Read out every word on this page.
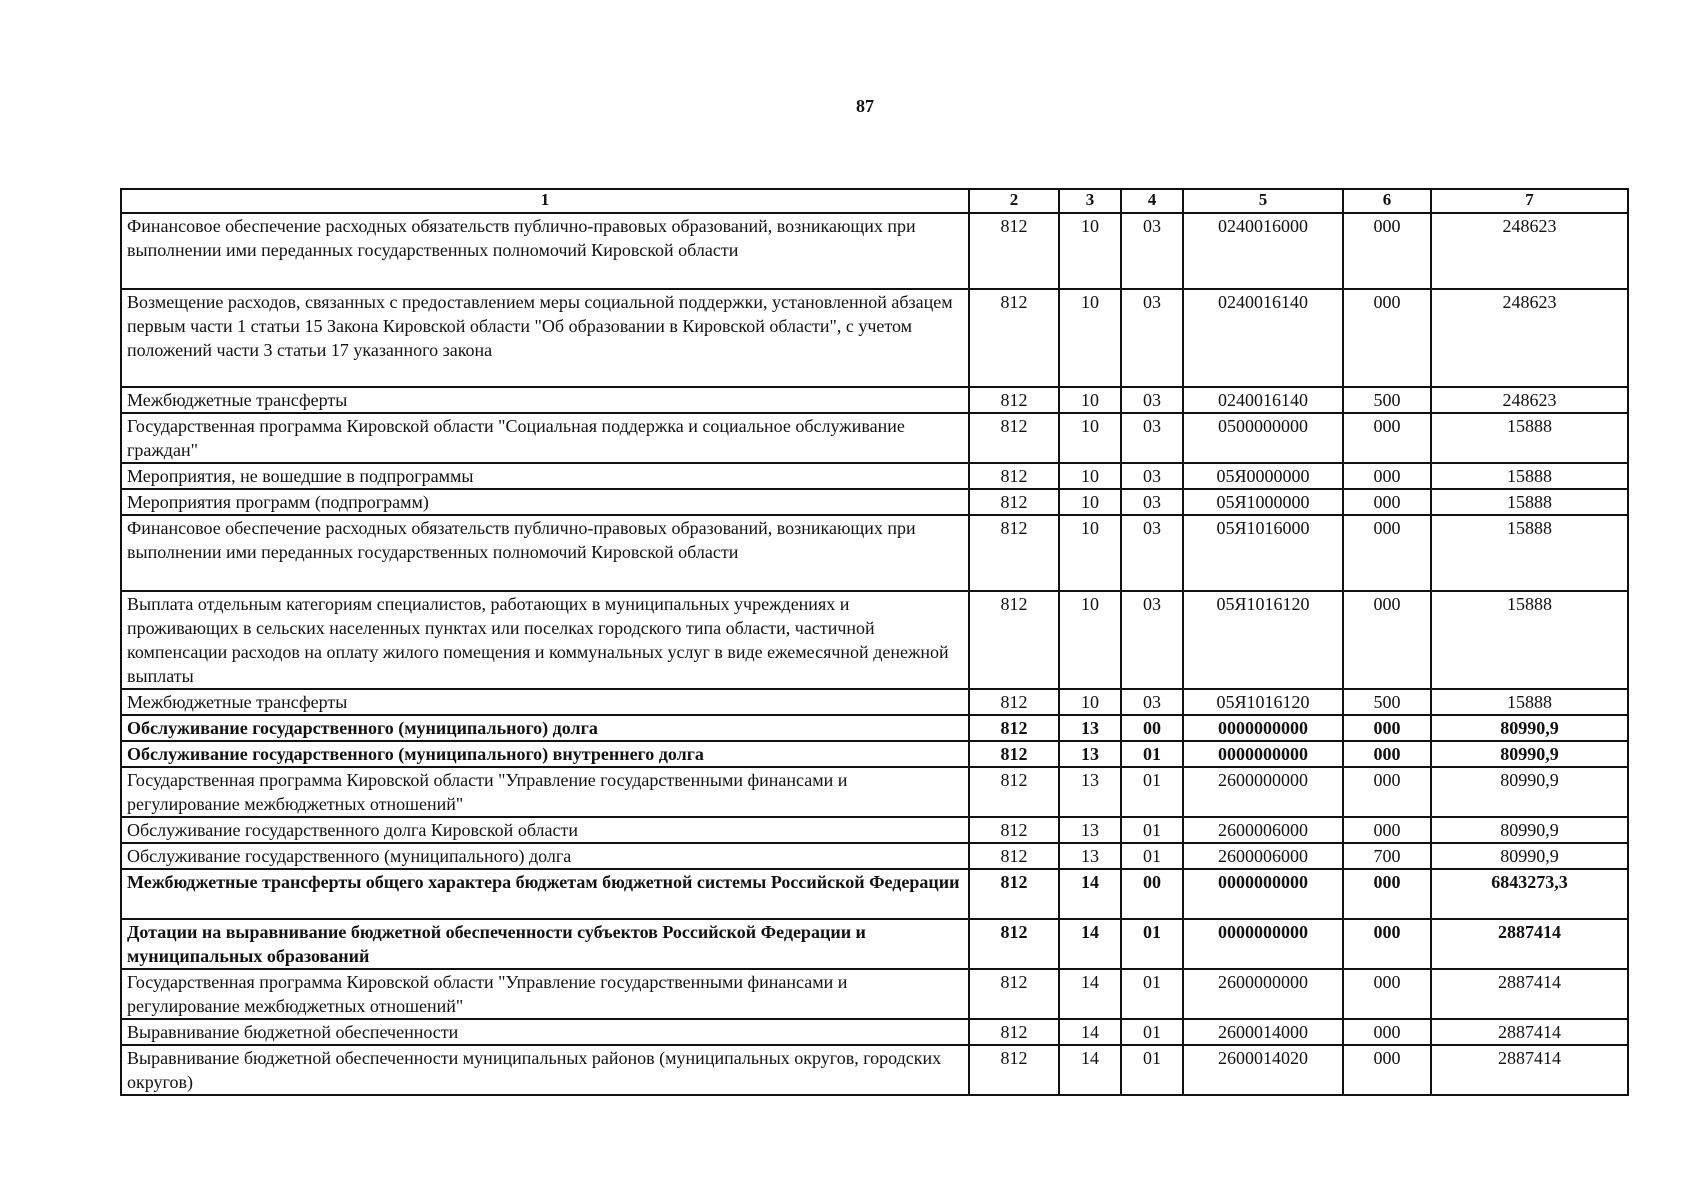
87
1	2	3	4	5	6	7
Финансовое обеспечение расходных обязательств публично-правовых образований, возникающих при выполнении ими переданных государственных полномочий Кировской области	812	10	03	0240016000	000	248623
Возмещение расходов, связанных с предоставлением меры социальной поддержки, установленной абзацем первым части 1 статьи 15 Закона Кировской области "Об образовании в Кировской области", с учетом положений части 3 статьи 17 указанного закона	812	10	03	0240016140	000	248623
Межбюджетные трансферты	812	10	03	0240016140	500	248623
Государственная программа Кировской области "Социальная поддержка и социальное обслуживание граждан"	812	10	03	0500000000	000	15888
Мероприятия, не вошедшие в подпрограммы	812	10	03	05Я0000000	000	15888
Мероприятия программ (подпрограмм)	812	10	03	05Я1000000	000	15888
Финансовое обеспечение расходных обязательств публично-правовых образований, возникающих при выполнении ими переданных государственных полномочий Кировской области	812	10	03	05Я1016000	000	15888
Выплата отдельным категориям специалистов, работающих в муниципальных учреждениях и проживающих в сельских населенных пунктах или поселках городского типа области, частичной компенсации расходов на оплату жилого помещения и коммунальных услуг в виде ежемесячной денежной выплаты	812	10	03	05Я1016120	000	15888
Межбюджетные трансферты	812	10	03	05Я1016120	500	15888
Обслуживание государственного (муниципального) долга	812	13	00	0000000000	000	80990,9
Обслуживание государственного (муниципального) внутреннего долга	812	13	01	0000000000	000	80990,9
Государственная программа Кировской области "Управление государственными финансами и регулирование межбюджетных отношений"	812	13	01	2600000000	000	80990,9
Обслуживание государственного долга Кировской области	812	13	01	2600006000	000	80990,9
Обслуживание государственного (муниципального) долга	812	13	01	2600006000	700	80990,9
Межбюджетные трансферты общего характера бюджетам бюджетной системы Российской Федерации	812	14	00	0000000000	000	6843273,3
Дотации на выравнивание бюджетной обеспеченности субъектов Российской Федерации и муниципальных образований	812	14	01	0000000000	000	2887414
Государственная программа Кировской области "Управление государственными финансами и регулирование межбюджетных отношений"	812	14	01	2600000000	000	2887414
Выравнивание бюджетной обеспеченности	812	14	01	2600014000	000	2887414
Выравнивание бюджетной обеспеченности муниципальных районов (муниципальных округов, городских округов)	812	14	01	2600014020	000	2887414
